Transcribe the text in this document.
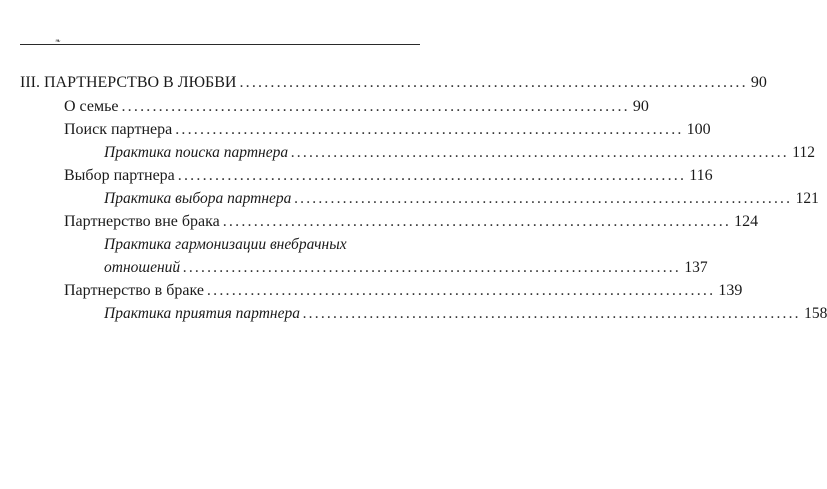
❧
III. ПАРТНЕРСТВО В ЛЮБВИ .................................................................................. 90
О семье .................................................................................. 90
Поиск партнера .................................................................................. 100
Практика поиска партнера .................................................................................. 112
Выбор партнера .................................................................................. 116
Практика выбора партнера .................................................................................. 121
Партнерство вне брака .................................................................................. 124
Практика гармонизации внебрачных
отношений .................................................................................. 137
Партнерство в браке .................................................................................. 139
Практика приятия партнера .................................................................................. 158
